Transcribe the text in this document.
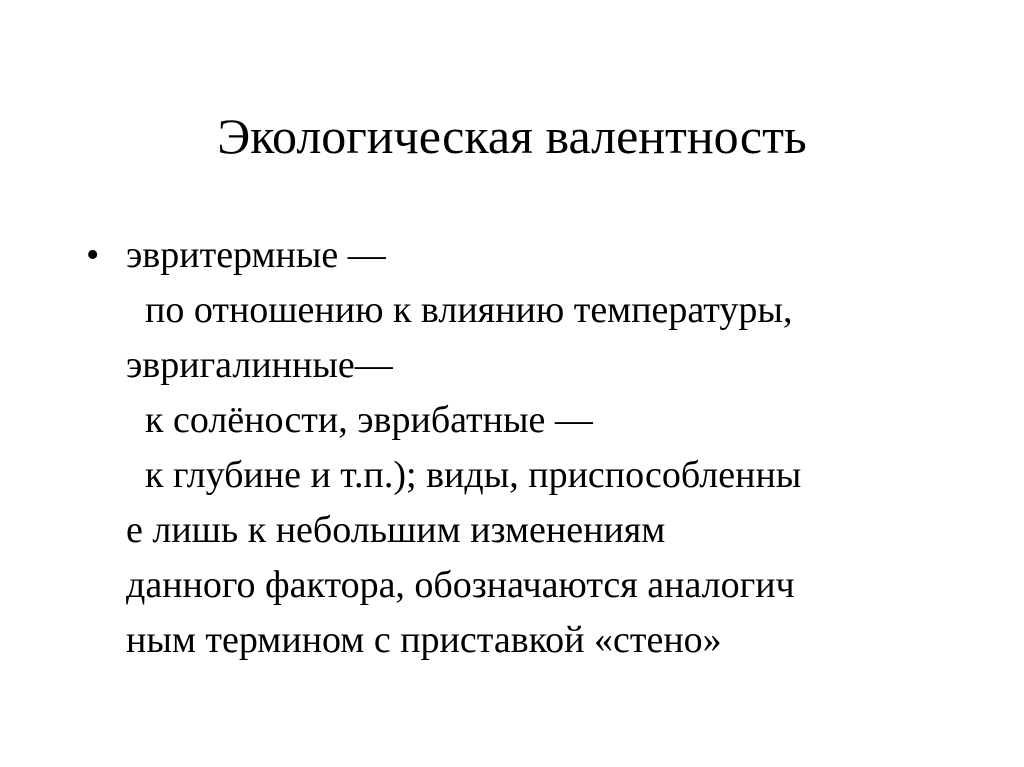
Экологическая валентность
• эвритермные —
по отношению к влиянию температуры,
эвригалинные—
к солёности, эврибатные —
к глубине и т.п.); виды, приспособленны
е лишь к небольшим изменениям
данного фактора, обозначаются аналогич
ным термином с приставкой «стено»
